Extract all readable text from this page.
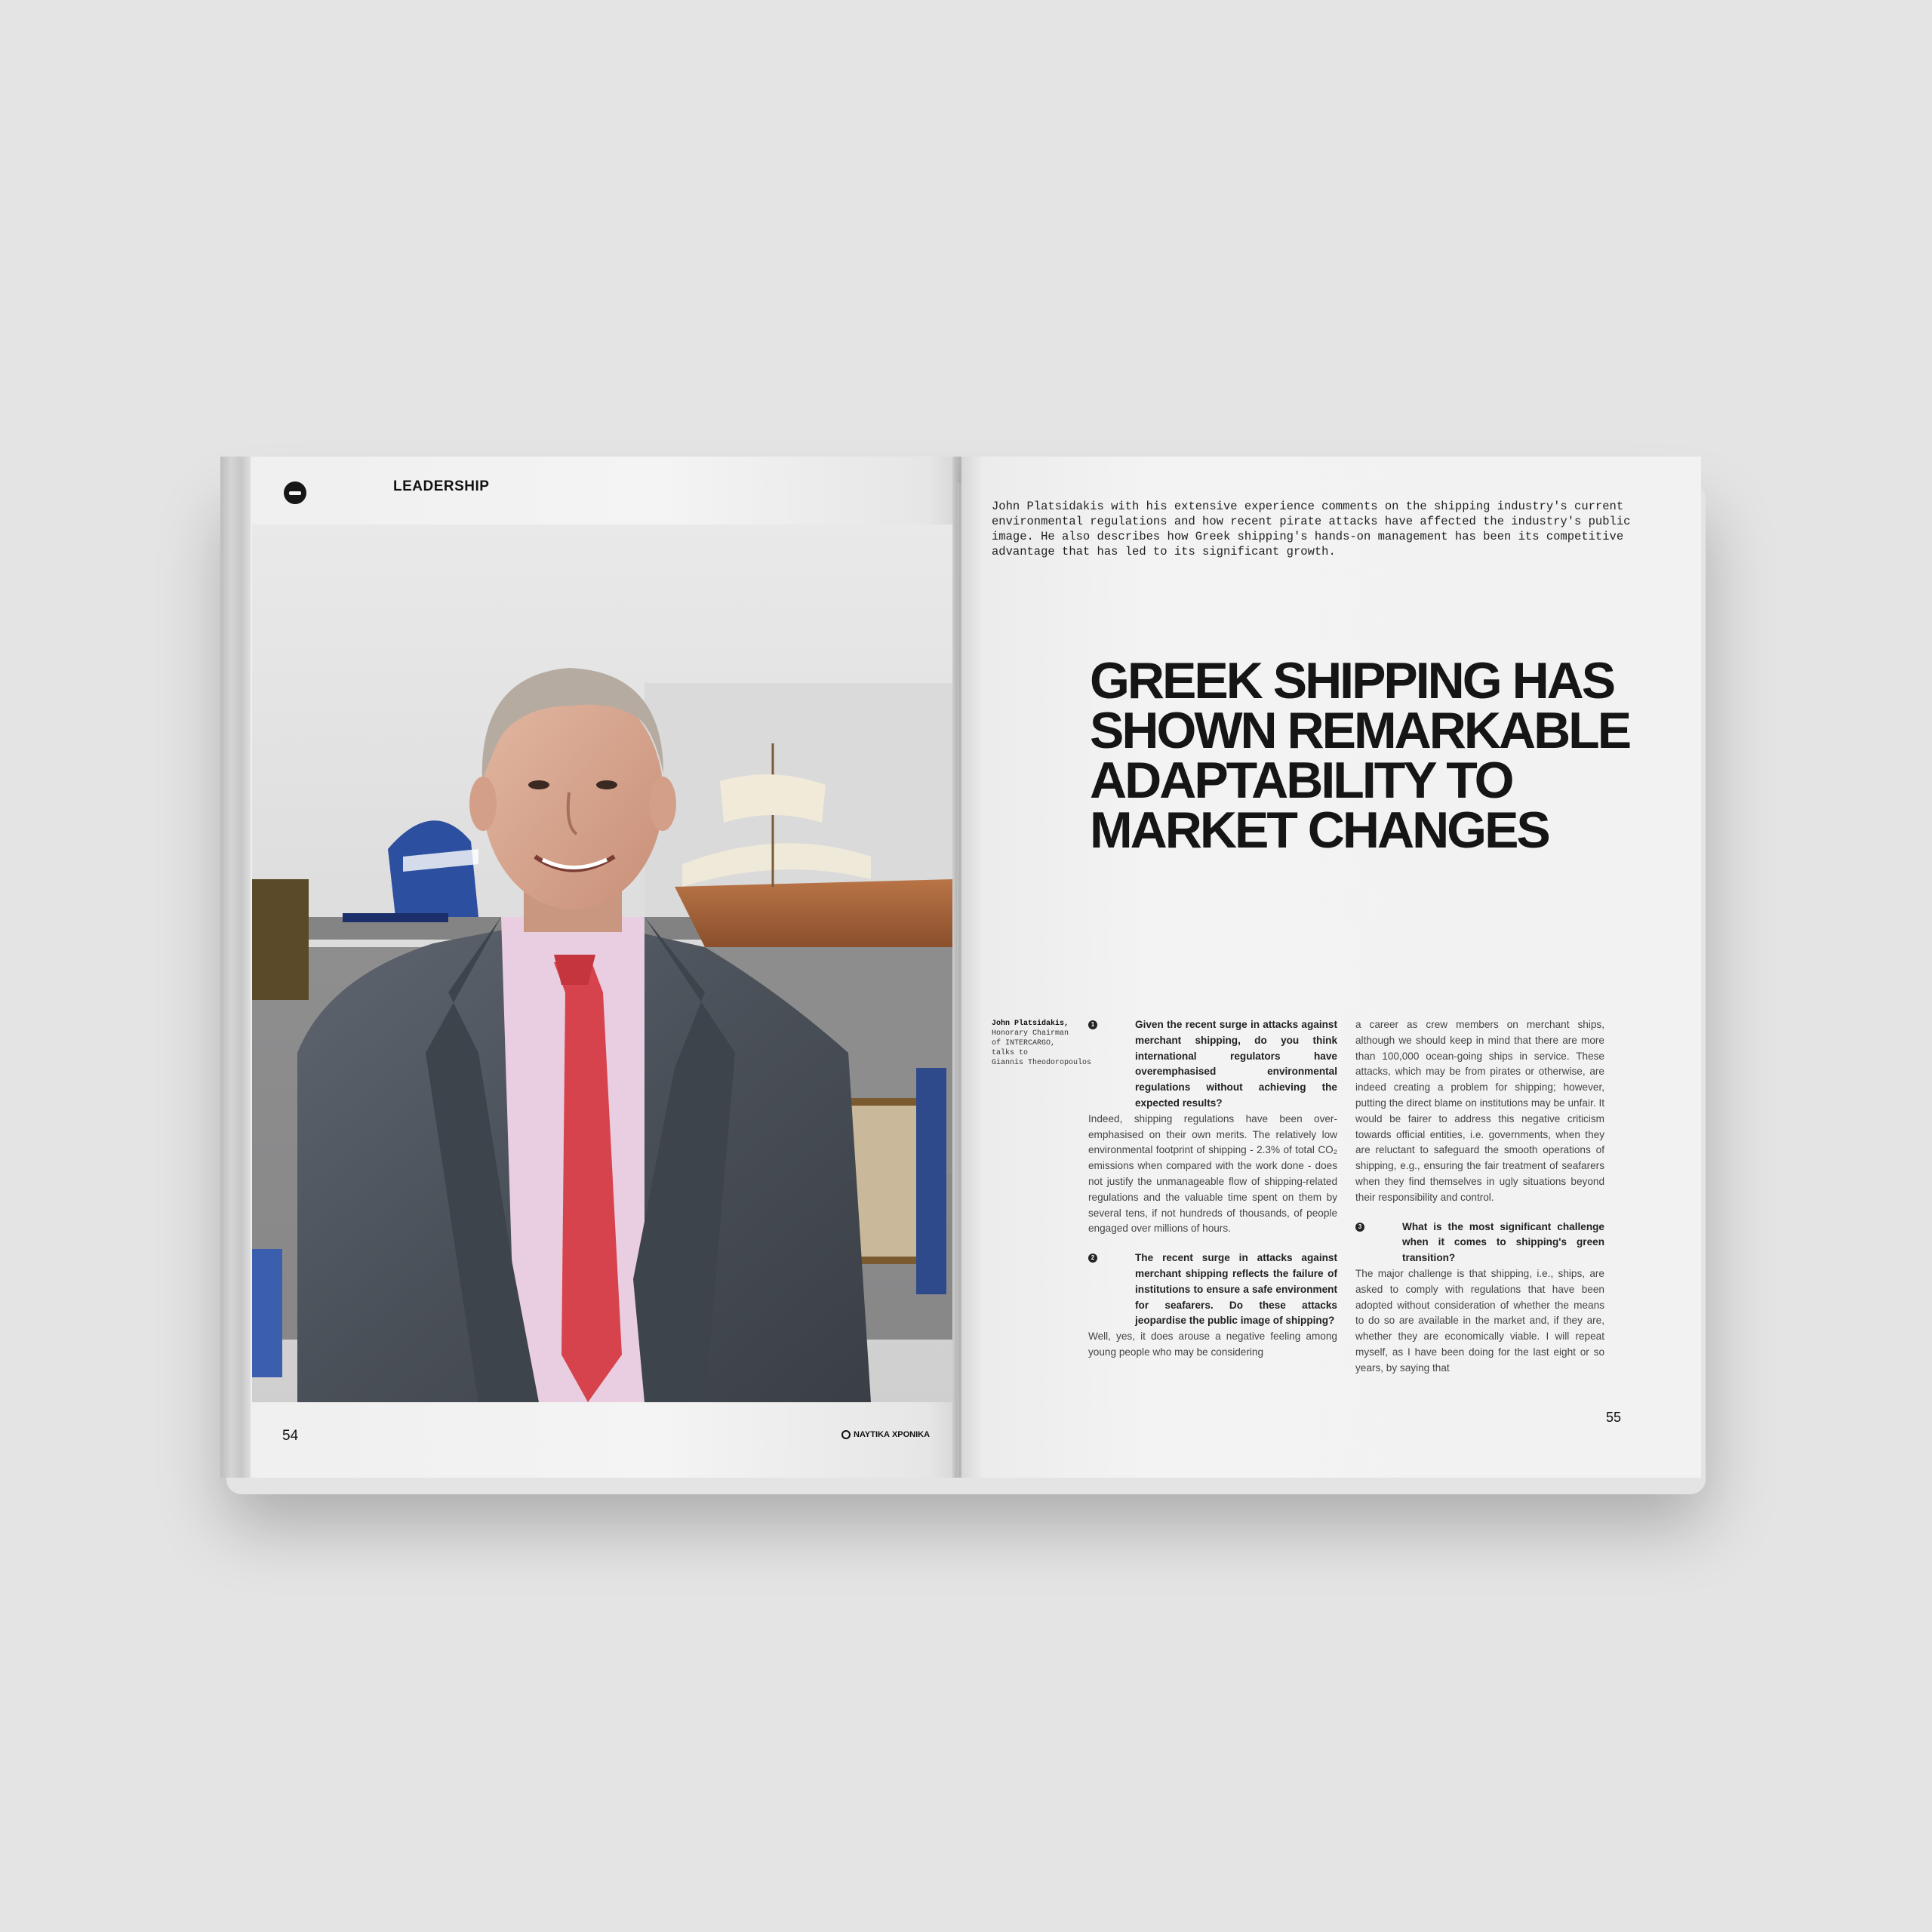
LEADERSHIP
54	ΝΑΥΤΙΚΑ ΧΡΟΝΙΚΑ
John Platsidakis with his extensive experience comments on the shipping industry's current environmental regulations and how recent pirate attacks have affected the industry's public image. He also describes how Greek shipping's hands-on management has been its competitive advantage that has led to its significant growth.
GREEK SHIPPING HAS SHOWN REMARKABLE ADAPTABILITY TO MARKET CHANGES
John Platsidakis,
Honorary Chairman
of INTERCARGO,
talks to
Giannis Theodoropoulos
1	Given the recent surge in attacks against merchant shipping, do you think international regulators have overemphasised environmental regulations without achieving the expected results?

Indeed, shipping regulations have been over-emphasised on their own merits. The relatively low environmental footprint of shipping - 2.3% of total CO₂ emissions when compared with the work done - does not justify the unmanageable flow of shipping-related regulations and the valuable time spent on them by several tens, if not hundreds of thousands, of people engaged over millions of hours.

2	The recent surge in attacks against merchant shipping reflects the failure of institutions to ensure a safe environment for seafarers. Do these attacks jeopardise the public image of shipping?

Well, yes, it does arouse a negative feeling among young people who may be considering

a career as crew members on merchant ships, although we should keep in mind that there are more than 100,000 ocean-going ships in service. These attacks, which may be from pirates or otherwise, are indeed creating a problem for shipping; however, putting the direct blame on institutions may be unfair. It would be fairer to address this negative criticism towards official entities, i.e. governments, when they are reluctant to safeguard the smooth operations of shipping, e.g., ensuring the fair treatment of seafarers when they find themselves in ugly situations beyond their responsibility and control.

3	What is the most significant challenge when it comes to shipping's green transition?

The major challenge is that shipping, i.e., ships, are asked to comply with regulations that have been adopted without consideration of whether the means to do so are available in the market and, if they are, whether they are economically viable. I will repeat myself, as I have been doing for the last eight or so years, by saying that

55
